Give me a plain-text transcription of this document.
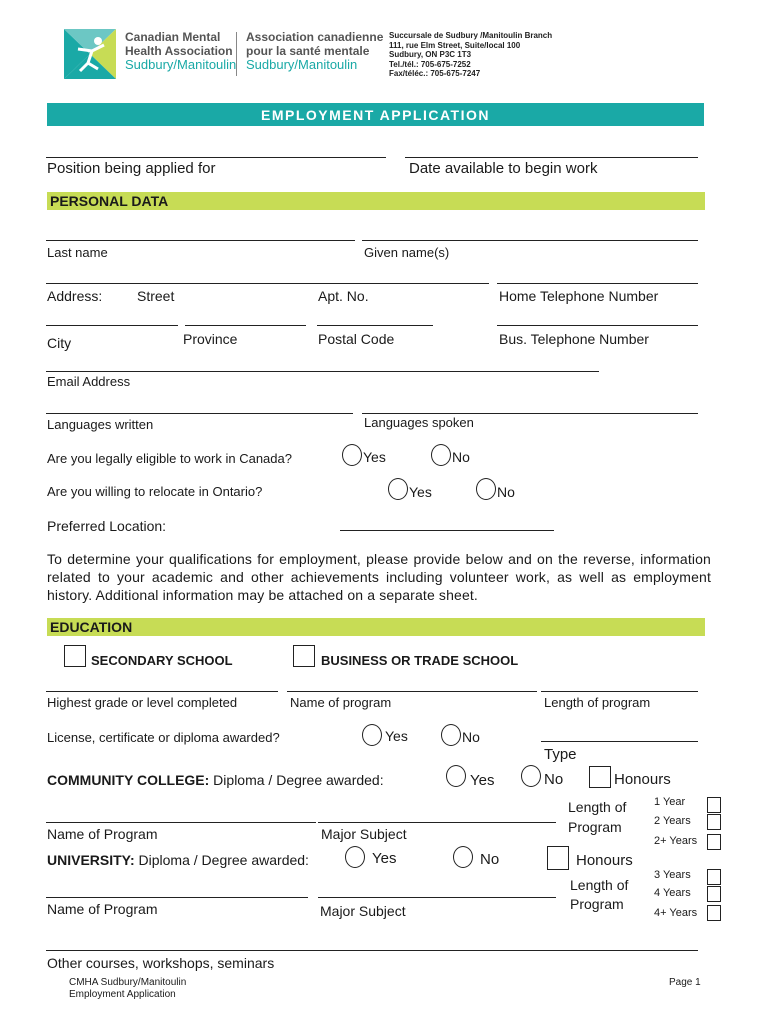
Canadian Mental
Health Association
Sudbury/Manitoulin
Association canadienne
pour la santé mentale
Sudbury/Manitoulin
Succursale de Sudbury /Manitoulin Branch
111, rue Elm Street, Suite/local 100
Sudbury, ON P3C 1T3
Tel./tél.: 705-675-7252
Fax/téléc.: 705-675-7247
EMPLOYMENT APPLICATION
Position being applied for	Date available to begin work
PERSONAL DATA
Last name	Given name(s)
Address: Street	Apt. No.	Home Telephone Number
City	Province	Postal Code	Bus. Telephone Number
Email Address
Languages written	Languages spoken
Are you legally eligible to work in Canada?	Yes	No
Are you willing to relocate in Ontario?	Yes	No
Preferred Location:
To determine your qualifications for employment, please provide below and on the reverse, information related to your academic and other achievements including volunteer work, as well as employment history. Additional information may be attached on a separate sheet.
EDUCATION
SECONDARY SCHOOL	BUSINESS OR TRADE SCHOOL
Highest grade or level completed	Name of program	Length of program
License, certificate or diploma awarded?	Yes	No
Type
COMMUNITY COLLEGE: Diploma / Degree awarded:	Yes	No	Honours
Length of
Program
1 Year
2 Years
2+ Years
Name of Program	Major Subject
UNIVERSITY: Diploma / Degree awarded:	Yes	No	Honours
Length of
Program
3 Years
4 Years
4+ Years
Name of Program	Major Subject
Other courses, workshops, seminars
CMHA Sudbury/Manitoulin
Employment Application
Page 1
